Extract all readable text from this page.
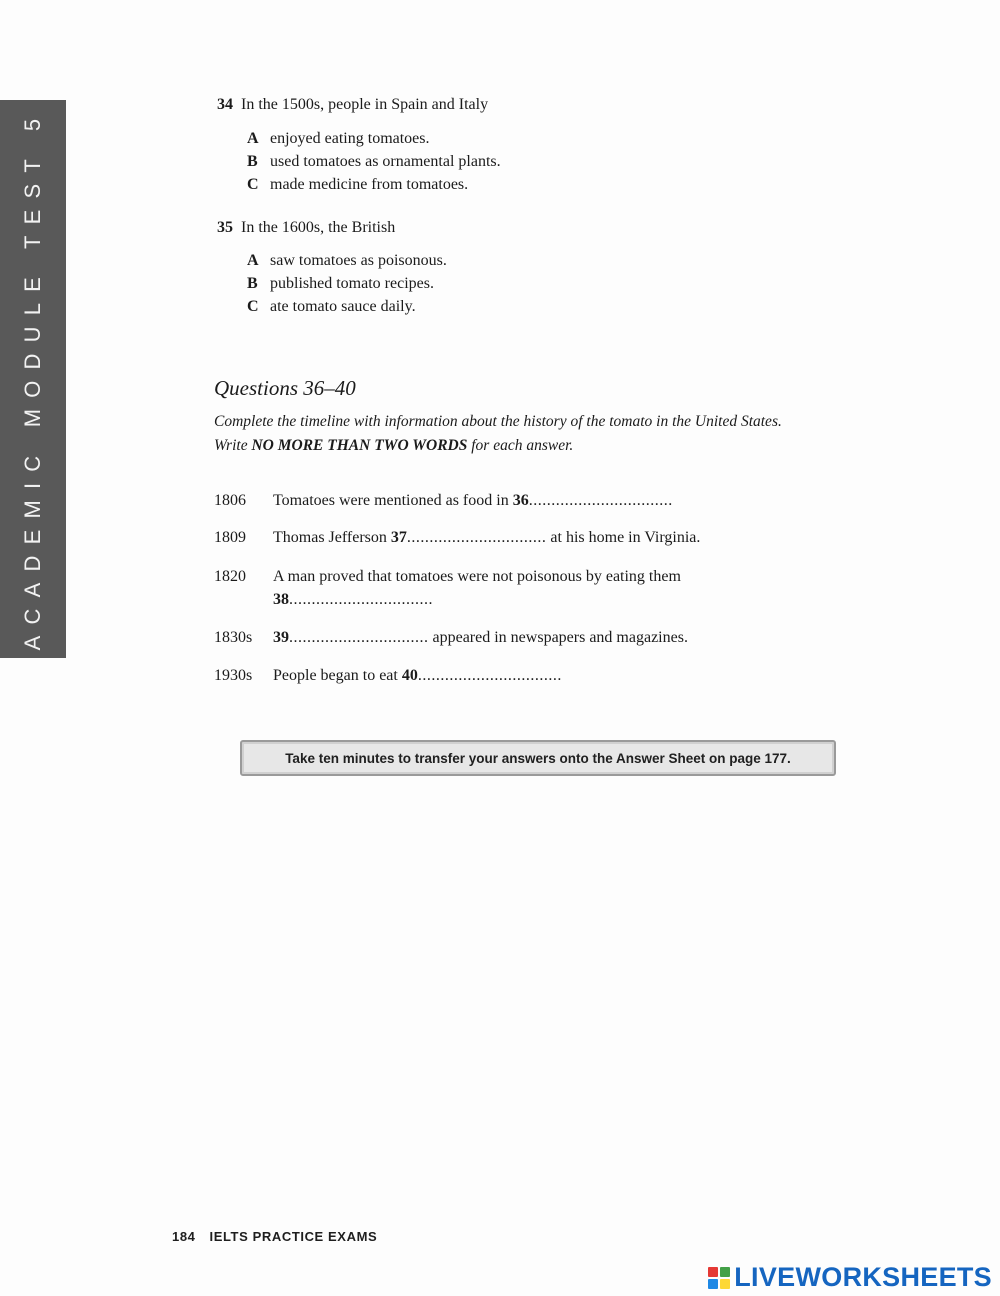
ACADEMIC MODULE TEST 5
34 In the 1500s, people in Spain and Italy
A enjoyed eating tomatoes.
B used tomatoes as ornamental plants.
C made medicine from tomatoes.
35 In the 1600s, the British
A saw tomatoes as poisonous.
B published tomato recipes.
C ate tomato sauce daily.
Questions 36–40
Complete the timeline with information about the history of the tomato in the United States.
Write NO MORE THAN TWO WORDS for each answer.
1806 Tomatoes were mentioned as food in 36................................
1809 Thomas Jefferson 37............................... at his home in Virginia.
1820 A man proved that tomatoes were not poisonous by eating them
38................................
1830s 39............................... appeared in newspapers and magazines.
1930s People began to eat 40................................
Take ten minutes to transfer your answers onto the Answer Sheet on page 177.
184 IELTS PRACTICE EXAMS
LIVEWORKSHEETS
